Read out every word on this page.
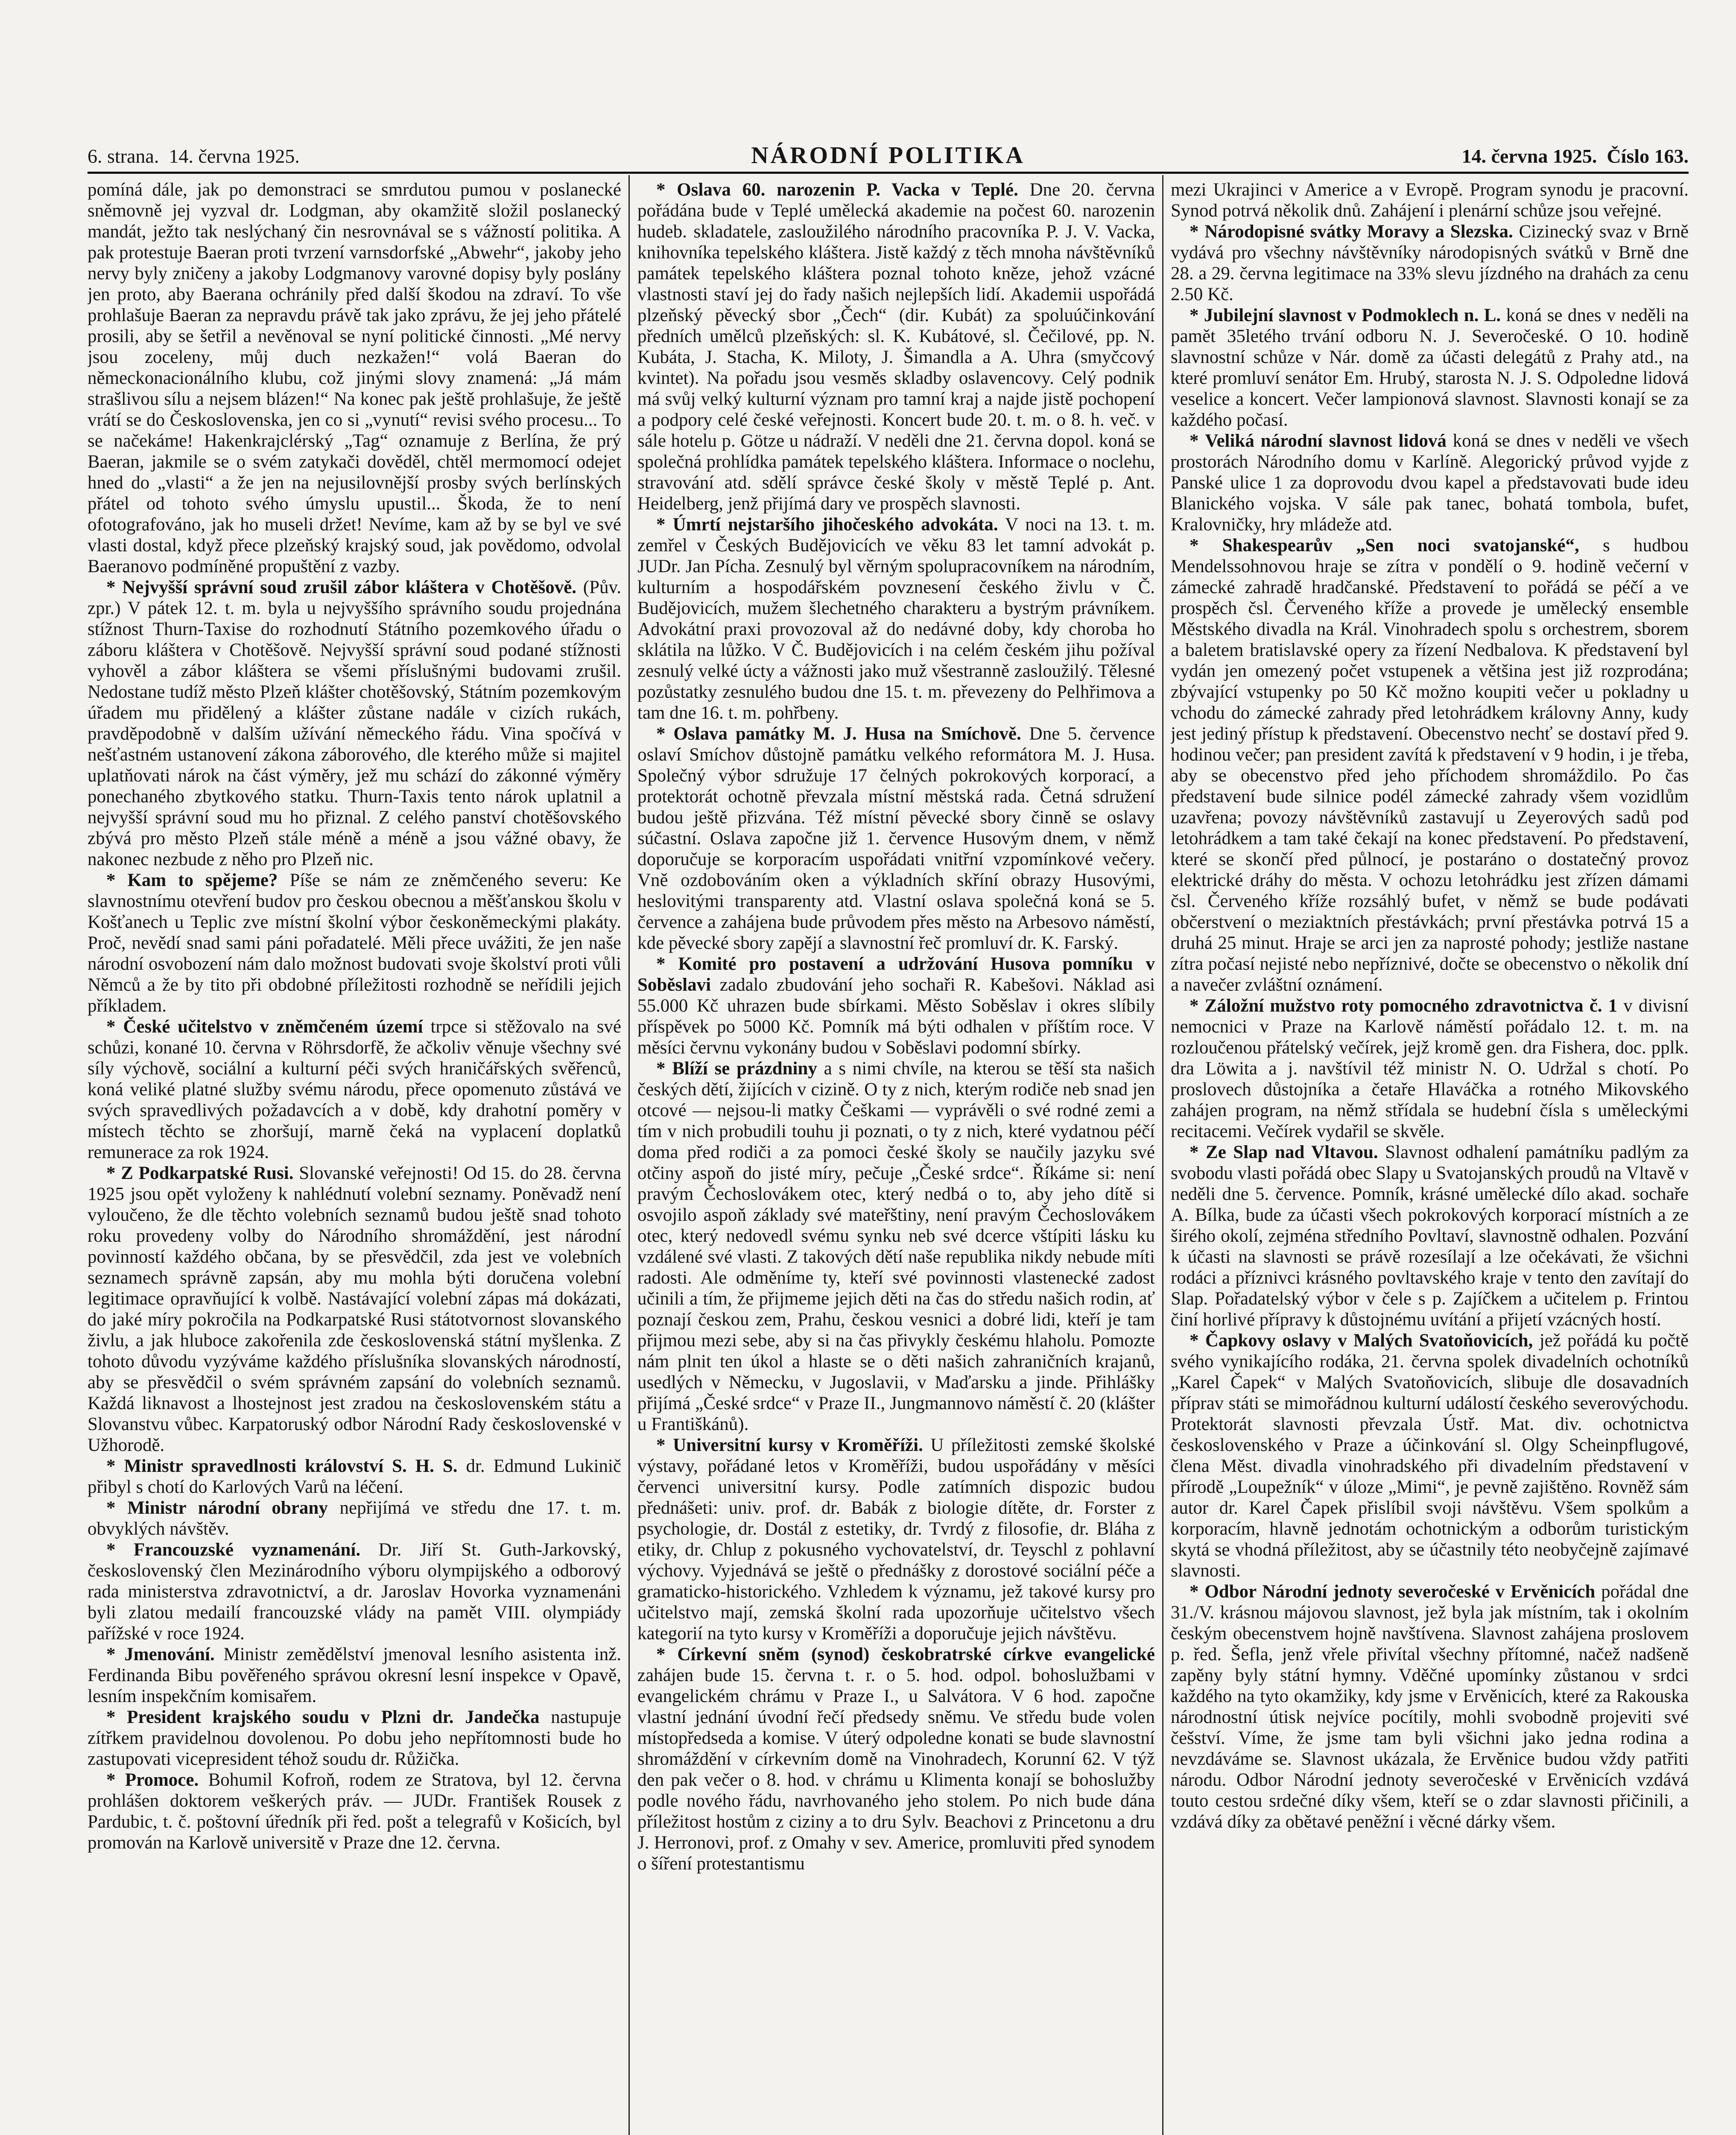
6. strana.  14. června 1925.	NÁRODNÍ POLITIKA	14. června 1925.  Číslo 163.

pomíná dále, jak po demonstraci se smrdutou pumou v poslanecké sněmovně jej vyzval dr. Lodgman, aby okamžitě složil poslanecký mandát, ježto tak neslýchaný čin nesrovnával se s vážností politika. A pak protestuje Baeran proti tvrzení varnsdorfské „Abwehr“, jakoby jeho nervy byly zničeny a jakoby Lodgmanovy varovné dopisy byly poslány jen proto, aby Baerana ochránily před další škodou na zdraví. To vše prohlašuje Baeran za nepravdu právě tak jako zprávu, že jej jeho přátelé prosili, aby se šetřil a nevěnoval se nyní politické činnosti. „Mé nervy jsou zoceleny, můj duch nezkažen!“ volá Baeran do německonacionálního klubu, což jinými slovy znamená: „Já mám strašlivou sílu a nejsem blázen!“ Na konec pak ještě prohlašuje, že ještě vrátí se do Československa, jen co si „vynutí“ revisi svého procesu... To se načekáme! Hakenkrajclérský „Tag“ oznamuje z Berlína, že prý Baeran, jakmile se o svém zatykači dověděl, chtěl mermomocí odejet hned do „vlasti“ a že jen na nejusilovnější prosby svých berlínských přátel od tohoto svého úmyslu upustil... Škoda, že to není ofotografováno, jak ho museli držet! Nevíme, kam až by se byl ve své vlasti dostal, když přece plzeňský krajský soud, jak povědomo, odvolal Baeranovo podmíněné propuštění z vazby.

* Nejvyšší správní soud zrušil zábor kláštera v Chotěšově. (Pův. zpr.) V pátek 12. t. m. byla u nejvyššího správního soudu projednána stížnost Thurn-Taxise do rozhodnutí Státního pozemkového úřadu o záboru kláštera v Chotěšově. Nejvyšší správní soud podané stížnosti vyhověl a zábor kláštera se všemi příslušnými budovami zrušil. Nedostane tudíž město Plzeň klášter chotěšovský, Státním pozemkovým úřadem mu přidělený a klášter zůstane nadále v cizích rukách, pravděpodobně v dalším užívání německého řádu. Vina spočívá v nešťastném ustanovení zákona záborového, dle kterého může si majitel uplatňovati nárok na část výměry, jež mu schází do zákonné výměry ponechaného zbytkového statku. Thurn-Taxis tento nárok uplatnil a nejvyšší správní soud mu ho přiznal. Z celého panství chotěšovského zbývá pro město Plzeň stále méně a méně a jsou vážné obavy, že nakonec nezbude z něho pro Plzeň nic.

* Kam to spějeme? Píše se nám ze zněmčeného severu: Ke slavnostnímu otevření budov pro českou obecnou a měšťanskou školu v Košťanech u Teplic zve místní školní výbor českoněmeckými plakáty. Proč, nevědí snad sami páni pořadatelé. Měli přece uvážiti, že jen naše národní osvobození nám dalo možnost budovati svoje školství proti vůli Němců a že by tito při obdobné příležitosti rozhodně se neřídili jejich příkladem.

* České učitelstvo v zněmčeném území trpce si stěžovalo na své schůzi, konané 10. června v Röhrsdorfě, že ačkoliv věnuje všechny své síly výchově, sociální a kulturní péči svých hraničářských svěřenců, koná veliké platné služby svému národu, přece opomenuto zůstává ve svých spravedlivých požadavcích a v době, kdy drahotní poměry v místech těchto se zhoršují, marně čeká na vyplacení doplatků remunerace za rok 1924.

* Z Podkarpatské Rusi. Slovanské veřejnosti! Od 15. do 28. června 1925 jsou opět vyloženy k nahlédnutí volební seznamy. Poněvadž není vyloučeno, že dle těchto volebních seznamů budou ještě snad tohoto roku provedeny volby do Národního shromáždění, jest národní povinností každého občana, by se přesvědčil, zda jest ve volebních seznamech správně zapsán, aby mu mohla býti doručena volební legitimace opravňující k volbě. Nastávající volební zápas má dokázati, do jaké míry pokročila na Podkarpatské Rusi státotvornost slovanského živlu, a jak hluboce zakořenila zde československá státní myšlenka. Z tohoto důvodu vyzýváme každého příslušníka slovanských národností, aby se přesvědčil o svém správném zapsání do volebních seznamů. Každá liknavost a lhostejnost jest zradou na československém státu a Slovanstvu vůbec. Karpatoruský odbor Národní Rady československé v Užhorodě.

* Ministr spravedlnosti království S. H. S. dr. Edmund Lukinič přibyl s chotí do Karlových Varů na léčení.

* Ministr národní obrany nepřijímá ve středu dne 17. t. m. obvyklých návštěv.

* Francouzské vyznamenání. Dr. Jiří St. Guth-Jarkovský, československý člen Mezinárodního výboru olympijského a odborový rada ministerstva zdravotnictví, a dr. Jaroslav Hovorka vyznamenáni byli zlatou medailí francouzské vlády na pamět VIII. olympiády pařížské v roce 1924.

* Jmenování. Ministr zemědělství jmenoval lesního asistenta inž. Ferdinanda Bibu pověřeného správou okresní lesní inspekce v Opavě, lesním inspekčním komisařem.

* President krajského soudu v Plzni dr. Jandečka nastupuje zítřkem pravidelnou dovolenou. Po dobu jeho nepřítomnosti bude ho zastupovati vicepresident téhož soudu dr. Růžička.

* Promoce. Bohumil Kofroň, rodem ze Stratova, byl 12. června prohlášen doktorem veškerých práv. — JUDr. František Rousek z Pardubic, t. č. poštovní úředník při řed. pošt a telegrafů v Košicích, byl promován na Karlově universitě v Praze dne 12. června.

* Oslava 60. narozenin P. Vacka v Teplé. Dne 20. června pořádána bude v Teplé umělecká akademie na počest 60. narozenin hudeb. skladatele, zasloužilého národního pracovníka P. J. V. Vacka, knihovníka tepelského kláštera. Jistě každý z těch mnoha návštěvníků památek tepelského kláštera poznal tohoto kněze, jehož vzácné vlastnosti staví jej do řady našich nejlepších lidí. Akademii uspořádá plzeňský pěvecký sbor „Čech“ (dir. Kubát) za spoluúčinkování předních umělců plzeňských: sl. K. Kubátové, sl. Čečilové, pp. N. Kubáta, J. Stacha, K. Miloty, J. Šimandla a A. Uhra (smyčcový kvintet). Na pořadu jsou vesměs skladby oslavencovy. Celý podnik má svůj velký kulturní význam pro tamní kraj a najde jistě pochopení a podpory celé české veřejnosti. Koncert bude 20. t. m. o 8. h. več. v sále hotelu p. Götze u nádraží. V neděli dne 21. června dopol. koná se společná prohlídka památek tepelského kláštera. Informace o noclehu, stravování atd. sdělí správce české školy v městě Teplé p. Ant. Heidelberg, jenž přijímá dary ve prospěch slavnosti.

* Úmrtí nejstaršího jihočeského advokáta. V noci na 13. t. m. zemřel v Českých Budějovicích ve věku 83 let tamní advokát p. JUDr. Jan Pícha. Zesnulý byl věrným spolupracovníkem na národním, kulturním a hospodářském povznesení českého živlu v Č. Budějovicích, mužem šlechetného charakteru a bystrým právníkem. Advokátní praxi provozoval až do nedávné doby, kdy choroba ho sklátila na lůžko. V Č. Budějovicích i na celém českém jihu požíval zesnulý velké úcty a vážnosti jako muž všestranně zasloužilý. Tělesné pozůstatky zesnulého budou dne 15. t. m. převezeny do Pelhřimova a tam dne 16. t. m. pohřbeny.

* Oslava památky M. J. Husa na Smíchově. Dne 5. července oslaví Smíchov důstojně památku velkého reformátora M. J. Husa. Společný výbor sdružuje 17 čelných pokrokových korporací, a protektorát ochotně převzala místní městská rada. Četná sdružení budou ještě přizvána. Též místní pěvecké sbory činně se oslavy súčastní. Oslava započne již 1. července Husovým dnem, v němž doporučuje se korporacím uspořádati vnitřní vzpomínkové večery. Vně ozdobováním oken a výkladních skříní obrazy Husovými, heslovitými transparenty atd. Vlastní oslava společná koná se 5. července a zahájena bude průvodem přes město na Arbesovo náměstí, kde pěvecké sbory zapějí a slavnostní řeč promluví dr. K. Farský.

* Komité pro postavení a udržování Husova pomníku v Soběslavi zadalo zbudování jeho sochaři R. Kabešovi. Náklad asi 55.000 Kč uhrazen bude sbírkami. Město Soběslav i okres slíbily příspěvek po 5000 Kč. Pomník má býti odhalen v příštím roce. V měsíci červnu vykonány budou v Soběslavi podomní sbírky.

* Blíží se prázdniny a s nimi chvíle, na kterou se těší sta našich českých dětí, žijících v cizině. O ty z nich, kterým rodiče neb snad jen otcové — nejsou-li matky Češkami — vyprávěli o své rodné zemi a tím v nich probudili touhu ji poznati, o ty z nich, které vydatnou péčí doma před rodiči a za pomoci české školy se naučily jazyku své otčiny aspoň do jisté míry, pečuje „České srdce“. Říkáme si: není pravým Čechoslovákem otec, který nedbá o to, aby jeho dítě si osvojilo aspoň základy své mateřštiny, není pravým Čechoslovákem otec, který nedovedl svému synku neb své dcerce vštípiti lásku ku vzdálené své vlasti. Z takových dětí naše republika nikdy nebude míti radosti. Ale odměníme ty, kteří své povinnosti vlastenecké zadost učinili a tím, že přijmeme jejich děti na čas do středu našich rodin, ať poznají českou zem, Prahu, českou vesnici a dobré lidi, kteří je tam přijmou mezi sebe, aby si na čas přivykly českému hlaholu. Pomozte nám plnit ten úkol a hlaste se o děti našich zahraničních krajanů, usedlých v Německu, v Jugoslavii, v Maďarsku a jinde. Přihlášky přijímá „České srdce“ v Praze II., Jungmannovo náměstí č. 20 (klášter u Františkánů).

* Universitní kursy v Kroměříži. U příležitosti zemské školské výstavy, pořádané letos v Kroměříži, budou uspořádány v měsíci červenci universitní kursy. Podle zatímních dispozic budou přednášeti: univ. prof. dr. Babák z biologie dítěte, dr. Forster z psychologie, dr. Dostál z estetiky, dr. Tvrdý z filosofie, dr. Bláha z etiky, dr. Chlup z pokusného vychovatelství, dr. Teyschl z pohlavní výchovy. Vyjednává se ještě o přednášky z dorostové sociální péče a gramaticko-historického. Vzhledem k významu, jež takové kursy pro učitelstvo mají, zemská školní rada upozorňuje učitelstvo všech kategorií na tyto kursy v Kroměříži a doporučuje jejich návštěvu.

* Církevní sněm (synod) českobratrské církve evangelické zahájen bude 15. června t. r. o 5. hod. odpol. bohoslužbami v evangelickém chrámu v Praze I., u Salvátora. V 6 hod. započne vlastní jednání úvodní řečí předsedy sněmu. Ve středu bude volen místopředseda a komise. V úterý odpoledne konati se bude slavnostní shromáždění v církevním domě na Vinohradech, Korunní 62. V týž den pak večer o 8. hod. v chrámu u Klimenta konají se bohoslužby podle nového řádu, navrhovaného jeho stolem. Po nich bude dána příležitost hostům z ciziny a to dru Sylv. Beachovi z Princetonu a dru J. Herronovi, prof. z Omahy v sev. Americe, promluviti před synodem o šíření protestantismu

mezi Ukrajinci v Americe a v Evropě. Program synodu je pracovní. Synod potrvá několik dnů. Zahájení i plenární schůze jsou veřejné.

* Národopisné svátky Moravy a Slezska. Cizinecký svaz v Brně vydává pro všechny návštěvníky národopisných svátků v Brně dne 28. a 29. června legitimace na 33% slevu jízdného na drahách za cenu 2.50 Kč.

* Jubilejní slavnost v Podmoklech n. L. koná se dnes v neděli na pamět 35letého trvání odboru N. J. Severočeské. O 10. hodině slavnostní schůze v Nár. domě za účasti delegátů z Prahy atd., na které promluví senátor Em. Hrubý, starosta N. J. S. Odpoledne lidová veselice a koncert. Večer lampionová slavnost. Slavnosti konají se za každého počasí.

* Veliká národní slavnost lidová koná se dnes v neděli ve všech prostorách Národního domu v Karlíně. Alegorický průvod vyjde z Panské ulice 1 za doprovodu dvou kapel a představovati bude ideu Blanického vojska. V sále pak tanec, bohatá tombola, bufet, Kralovničky, hry mládeže atd.

* Shakespearův „Sen noci svatojanské“, s hudbou Mendelssohnovou hraje se zítra v pondělí o 9. hodině večerní v zámecké zahradě hradčanské. Představení to pořádá se péčí a ve prospěch čsl. Červeného kříže a provede je umělecký ensemble Městského divadla na Král. Vinohradech spolu s orchestrem, sborem a baletem bratislavské opery za řízení Nedbalova. K představení byl vydán jen omezený počet vstupenek a většina jest již rozprodána; zbývající vstupenky po 50 Kč možno koupiti večer u pokladny u vchodu do zámecké zahrady před letohrádkem královny Anny, kudy jest jediný přístup k představení. Obecenstvo nechť se dostaví před 9. hodinou večer; pan president zavítá k představení v 9 hodin, i je třeba, aby se obecenstvo před jeho příchodem shromáždilo. Po čas představení bude silnice podél zámecké zahrady všem vozidlům uzavřena; povozy návštěvníků zastavují u Zeyerových sadů pod letohrádkem a tam také čekají na konec představení. Po představení, které se skončí před půlnocí, je postaráno o dostatečný provoz elektrické dráhy do města. V ochozu letohrádku jest zřízen dámami čsl. Červeného kříže rozsáhlý bufet, v němž se bude podávati občerstvení o meziaktních přestávkách; první přestávka potrvá 15 a druhá 25 minut. Hraje se arci jen za naprosté pohody; jestliže nastane zítra počasí nejisté nebo nepříznivé, dočte se obecenstvo o několik dní a navečer zvláštní oznámení.

* Záložní mužstvo roty pomocného zdravotnictva č. 1 v divisní nemocnici v Praze na Karlově náměstí pořádalo 12. t. m. na rozloučenou přátelský večírek, jejž kromě gen. dra Fishera, doc. pplk. dra Löwita a j. navštívil též ministr N. O. Udržal s chotí. Po proslovech důstojníka a četaře Hlaváčka a rotného Mikovského zahájen program, na němž střídala se hudební čísla s uměleckými recitacemi. Večírek vydařil se skvěle.

* Ze Slap nad Vltavou. Slavnost odhalení památníku padlým za svobodu vlasti pořádá obec Slapy u Svatojanských proudů na Vltavě v neděli dne 5. července. Pomník, krásné umělecké dílo akad. sochaře A. Bílka, bude za účasti všech pokrokových korporací místních a ze širého okolí, zejména středního Povltaví, slavnostně odhalen. Pozvání k účasti na slavnosti se právě rozesílají a lze očekávati, že všichni rodáci a příznivci krásného povltavského kraje v tento den zavítají do Slap. Pořadatelský výbor v čele s p. Zajíčkem a učitelem p. Frintou činí horlivé přípravy k důstojnému uvítání a přijetí vzácných hostí.

* Čapkovy oslavy v Malých Svatoňovicích, jež pořádá ku počtě svého vynikajícího rodáka, 21. června spolek divadelních ochotníků „Karel Čapek“ v Malých Svatoňovicích, slibuje dle dosavadních příprav státi se mimořádnou kulturní událostí českého severovýchodu. Protektorát slavnosti převzala Ústř. Mat. div. ochotnictva československého v Praze a účinkování sl. Olgy Scheinpflugové, člena Měst. divadla vinohradského při divadelním představení v přírodě „Loupežník“ v úloze „Mimi“, je pevně zajištěno. Rovněž sám autor dr. Karel Čapek přislíbil svoji návštěvu. Všem spolkům a korporacím, hlavně jednotám ochotnickým a odborům turistickým skytá se vhodná příležitost, aby se účastnily této neobyčejně zajímavé slavnosti.

* Odbor Národní jednoty severočeské v Ervěnicích pořádal dne 31./V. krásnou májovou slavnost, jež byla jak místním, tak i okolním českým obecenstvem hojně navštívena. Slavnost zahájena proslovem p. řed. Šefla, jenž vřele přivítal všechny přítomné, načež nadšeně zapěny byly státní hymny. Vděčné upomínky zůstanou v srdci každého na tyto okamžiky, kdy jsme v Ervěnicích, které za Rakouska národnostní útisk nejvíce pocítily, mohli svobodně projeviti své češství. Víme, že jsme tam byli všichni jako jedna rodina a nevzdáváme se. Slavnost ukázala, že Ervěnice budou vždy patřiti národu. Odbor Národní jednoty severočeské v Ervěnicích vzdává touto cestou srdečné díky všem, kteří se o zdar slavnosti přičinili, a vzdává díky za obětavé peněžní i věcné dárky všem.
